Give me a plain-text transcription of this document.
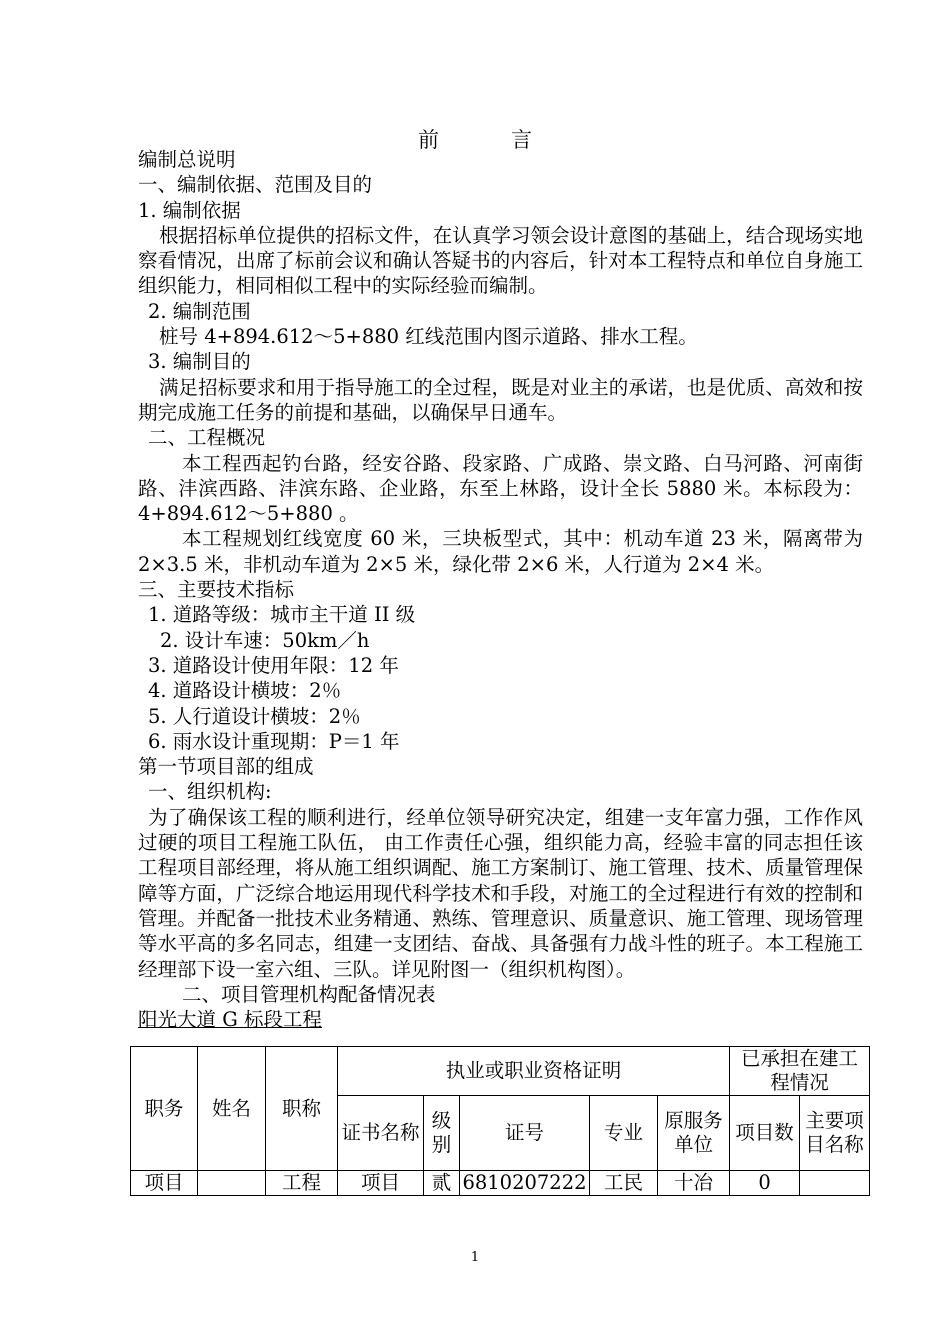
前	言

编制总说明

一、编制依据、范围及目的

1. 编制依据

根据招标单位提供的招标文件，在认真学习领会设计意图的基础上，结合现场实地察看情况，出席了标前会议和确认答疑书的内容后，针对本工程特点和单位自身施工组织能力，相同相似工程中的实际经验而编制。

2. 编制范围

桩号 4+894.612～5+880 红线范围内图示道路、排水工程。

3. 编制目的

满足招标要求和用于指导施工的全过程，既是对业主的承诺，也是优质、高效和按期完成施工任务的前提和基础，以确保早日通车。

二、工程概况

本工程西起钓台路，经安谷路、段家路、广成路、崇文路、白马河路、河南街路、沣滨西路、沣滨东路、企业路，东至上林路，设计全长 5880 米。本标段为： 4+894.612～5+880 。

本工程规划红线宽度 60 米，三块板型式，其中：机动车道 23 米，隔离带为 2×3.5 米，非机动车道为 2×5 米，绿化带 2×6 米，人行道为 2×4 米。

三、主要技术指标

1. 道路等级：城市主干道 II 级

2. 设计车速：50km／h

3. 道路设计使用年限：12 年

4. 道路设计横坡：2％

5. 人行道设计横坡：2％

6. 雨水设计重现期：P＝1 年

第一节项目部的组成

一、组织机构:

为了确保该工程的顺利进行，经单位领导研究决定，组建一支年富力强，工作作风过硬的项目工程施工队伍， 由工作责任心强，组织能力高，经验丰富的同志担任该工程项目部经理，将从施工组织调配、施工方案制订、施工管理、技术、质量管理保障等方面，广泛综合地运用现代科学技术和手段，对施工的全过程进行有效的控制和管理。并配备一批技术业务精通、熟练、管理意识、质量意识、施工管理、现场管理等水平高的多名同志，组建一支团结、奋战、具备强有力战斗性的班子。本工程施工经理部下设一室六组、三队。详见附图一（组织机构图）。

二、项目管理机构配备情况表

阳光大道 G 标段工程

职务	姓名	职称	执业或职业资格证明					已承担在建工程情况	
			证书名称	级别	证号	专业	原服务单位	项目数	主要项目名称
项目		工程	项目	贰	6810207222	工民	十冶	0	
1
